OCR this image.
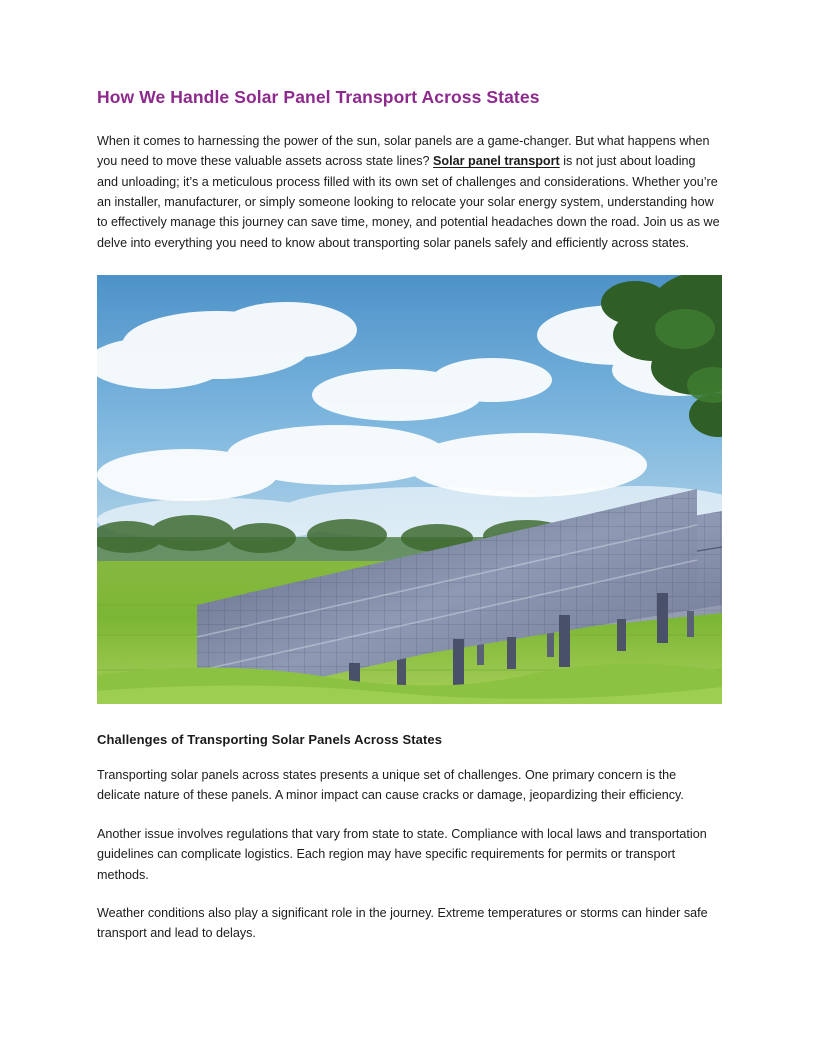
How We Handle Solar Panel Transport Across States

When it comes to harnessing the power of the sun, solar panels are a game-changer. But what happens when you need to move these valuable assets across state lines? Solar panel transport is not just about loading and unloading; it’s a meticulous process filled with its own set of challenges and considerations. Whether you’re an installer, manufacturer, or simply someone looking to relocate your solar energy system, understanding how to effectively manage this journey can save time, money, and potential headaches down the road. Join us as we delve into everything you need to know about transporting solar panels safely and efficiently across states.

Challenges of Transporting Solar Panels Across States

Transporting solar panels across states presents a unique set of challenges. One primary concern is the delicate nature of these panels. A minor impact can cause cracks or damage, jeopardizing their efficiency.

Another issue involves regulations that vary from state to state. Compliance with local laws and transportation guidelines can complicate logistics. Each region may have specific requirements for permits or transport methods.

Weather conditions also play a significant role in the journey. Extreme temperatures or storms can hinder safe transport and lead to delays.
